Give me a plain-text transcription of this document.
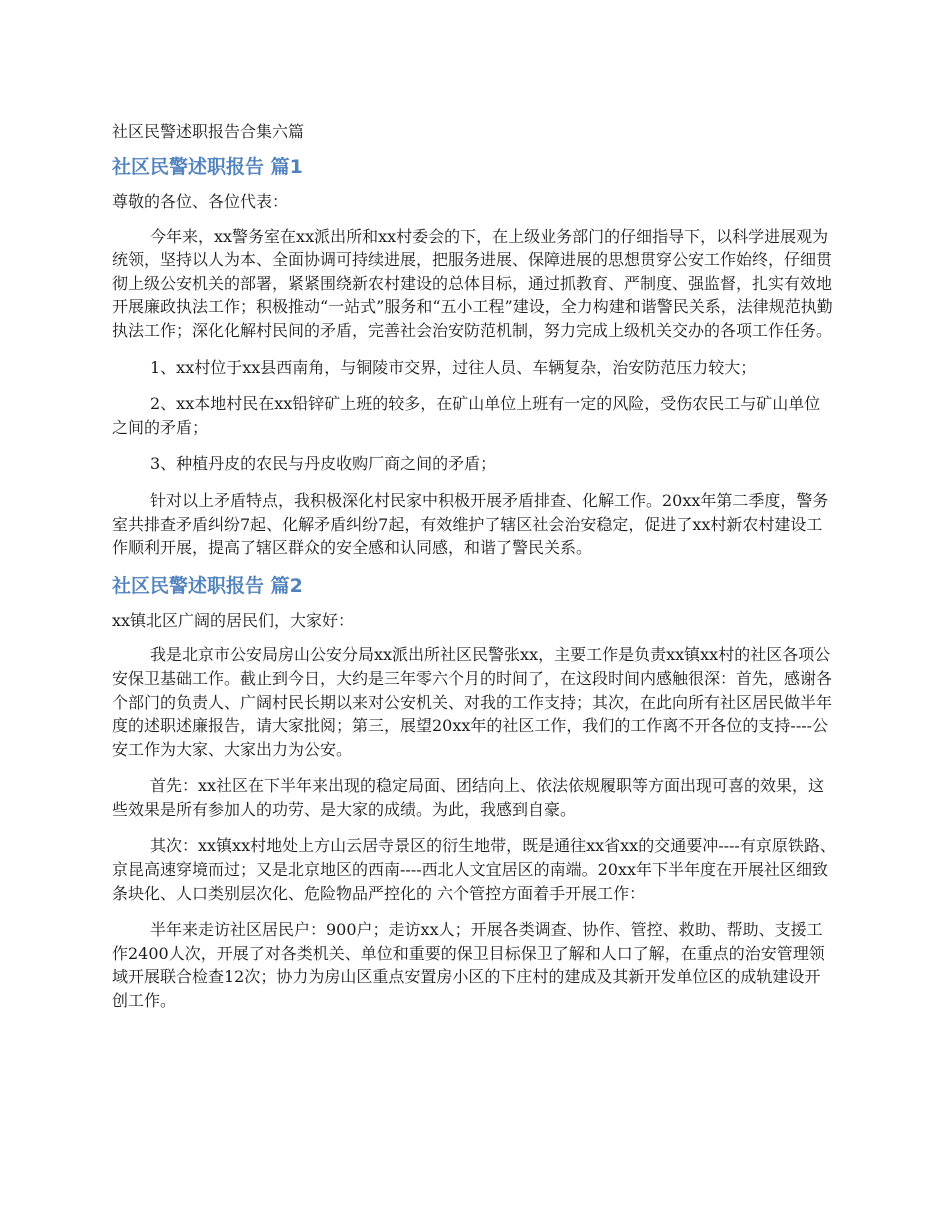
社区民警述职报告合集六篇
社区民警述职报告 篇1

尊敬的各位、各位代表：

今年来，xx警务室在xx派出所和xx村委会的下，在上级业务部门的仔细指导下，以科学进展观为统领，坚持以人为本、全面协调可持续进展，把服务进展、保障进展的思想贯穿公安工作始终，仔细贯彻上级公安机关的部署，紧紧围绕新农村建设的总体目标，通过抓教育、严制度、强监督，扎实有效地开展廉政执法工作；积极推动“一站式”服务和“五小工程”建设，全力构建和谐警民关系，法律规范执勤执法工作；深化化解村民间的矛盾，完善社会治安防范机制，努力完成上级机关交办的各项工作任务。

1、xx村位于xx县西南角，与铜陵市交界，过往人员、车辆复杂，治安防范压力较大；

2、xx本地村民在xx铅锌矿上班的较多，在矿山单位上班有一定的风险，受伤农民工与矿山单位之间的矛盾；

3、种植丹皮的农民与丹皮收购厂商之间的矛盾；

针对以上矛盾特点，我积极深化村民家中积极开展矛盾排查、化解工作。20xx年第二季度，警务室共排查矛盾纠纷7起、化解矛盾纠纷7起，有效维护了辖区社会治安稳定，促进了xx村新农村建设工作顺利开展，提高了辖区群众的安全感和认同感，和谐了警民关系。

社区民警述职报告 篇2

xx镇北区广阔的居民们，大家好：

我是北京市公安局房山公安分局xx派出所社区民警张xx，主要工作是负责xx镇xx村的社区各项公安保卫基础工作。截止到今日，大约是三年零六个月的时间了，在这段时间内感触很深：首先，感谢各个部门的负责人、广阔村民长期以来对公安机关、对我的工作支持；其次，在此向所有社区居民做半年度的述职述廉报告，请大家批阅；第三，展望20xx年的社区工作，我们的工作离不开各位的支持----公安工作为大家、大家出力为公安。

首先：xx社区在下半年来出现的稳定局面、团结向上、依法依规履职等方面出现可喜的效果，这些效果是所有参加人的功劳、是大家的成绩。为此，我感到自豪。

其次：xx镇xx村地处上方山云居寺景区的衍生地带，既是通往xx省xx的交通要冲----有京原铁路、京昆高速穿境而过；又是北京地区的西南----西北人文宜居区的南端。20xx年下半年度在开展社区细致条块化、人口类别层次化、危险物品严控化的 六个管控方面着手开展工作：

半年来走访社区居民户：900户；走访xx人；开展各类调查、协作、管控、救助、帮助、支援工作2400人次，开展了对各类机关、单位和重要的保卫目标保卫了解和人口了解，在重点的治安管理领域开展联合检查12次；协力为房山区重点安置房小区的下庄村的建成及其新开发单位区的成轨建设开创工作。
